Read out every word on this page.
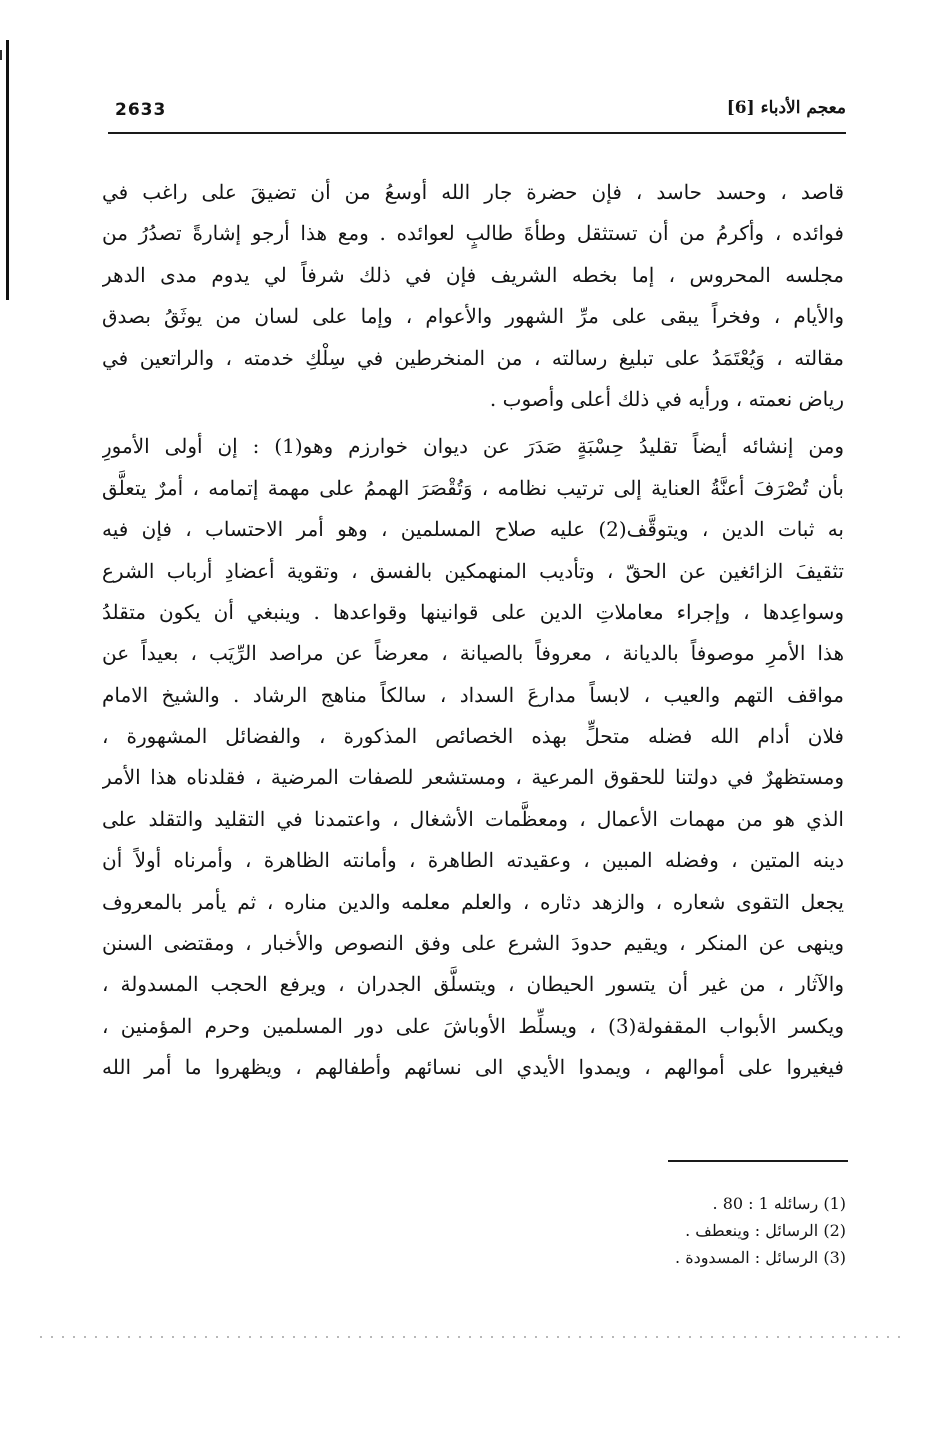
2633	معجم الأدباء [6]
قاصد ، وحسد حاسد ، فإن حضرة جار الله أوسعُ من أن تضيقَ على راغب في
فوائده ، وأكرمُ من أن تستثقل وطأةَ طالبٍ لعوائده . ومع هذا أرجو إشارةً تصدُرُ من
مجلسه المحروس ، إما بخطه الشريف فإن في ذلك شرفاً لي يدوم مدى الدهر
والأيام ، وفخراً يبقى على مرِّ الشهور والأعوام ، وإما على لسان من يوثَقُ بصدق
مقالته ، وَيُعْتَمَدُ على تبليغ رسالته ، من المنخرطين في سِلْكِ خدمته ، والراتعين في
رياض نعمته ، ورأيه في ذلك أعلى وأصوب .
ومن إنشائه أيضاً تقليدُ حِسْبَةٍ صَدَرَ عن ديوان خوارزم وهو(1) : إن أولى الأمورِ
بأن تُصْرَفَ أعنَّةُ العناية إلى ترتيب نظامه ، وَتُقْصَرَ الهممُ على مهمة إتمامه ، أمرٌ يتعلَّق
به ثبات الدين ، ويتوقَّف(2) عليه صلاح المسلمين ، وهو أمر الاحتساب ، فإن فيه
تثقيفَ الزائغين عن الحقّ ، وتأديب المنهمكين بالفسق ، وتقوية أعضادِ أرباب الشرع
وسواعِدها ، وإجراء معاملاتِ الدين على قوانينها وقواعدها . وينبغي أن يكون متقلدُ
هذا الأمرِ موصوفاً بالديانة ، معروفاً بالصيانة ، معرضاً عن مراصد الرِّيَب ، بعيداً عن
مواقف التهم والعيب ، لابساً مدارعَ السداد ، سالكاً مناهج الرشاد . والشيخ الامام
فلان أدام الله فضله متحلٍّ بهذه الخصائص المذكورة ، والفضائل المشهورة ،
ومستظهرٌ في دولتنا للحقوق المرعية ، ومستشعر للصفات المرضية ، فقلدناه هذا الأمر
الذي هو من مهمات الأعمال ، ومعظَّمات الأشغال ، واعتمدنا في التقليد والتقلد على
دينه المتين ، وفضله المبين ، وعقيدته الطاهرة ، وأمانته الظاهرة ، وأمرناه أولاً أن
يجعل التقوى شعاره ، والزهد دثاره ، والعلم معلمه والدين مناره ، ثم يأمر بالمعروف
وينهى عن المنكر ، ويقيم حدودَ الشرع على وفق النصوص والأخبار ، ومقتضى السنن
والآثار ، من غير أن يتسور الحيطان ، ويتسلَّق الجدران ، ويرفع الحجب المسدولة ،
ويكسر الأبواب المقفولة(3) ، ويسلِّط الأوباشَ على دور المسلمين وحرم المؤمنين ،
فيغيروا على أموالهم ، ويمدوا الأيدي الى نسائهم وأطفالهم ، ويظهروا ما أمر الله
(1) رسائله 1 : 80 .
(2) الرسائل : وينعطف .
(3) الرسائل : المسدودة .
